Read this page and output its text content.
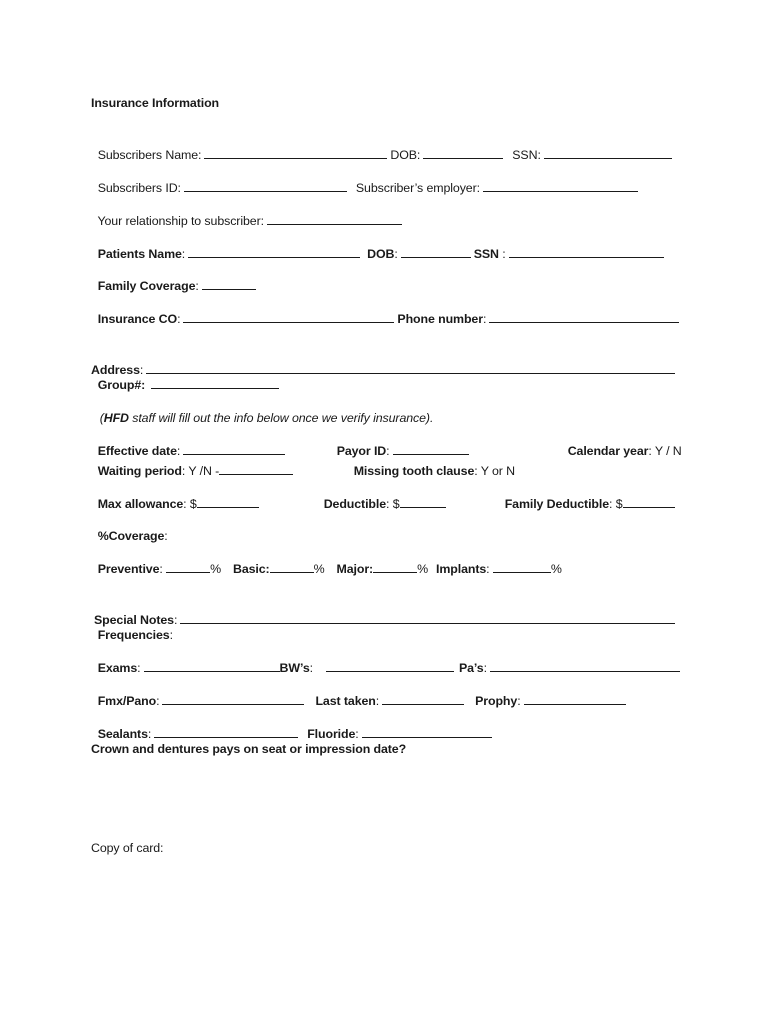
Insurance Information

Subscribers Name:	DOB:	SSN:

Subscribers ID:	Subscriber’s employer:

Your relationship to subscriber:

Patients Name:	DOB:	SSN :

Family Coverage:

Insurance CO:	Phone number:

Address :

Group#:

(HFD staff will fill out the info below once we verify insurance).

Effective date:	Payor ID:	Calendar year: Y / N

Waiting period: Y /N -	Missing tooth clause: Y or N

Max allowance: $	Deductible: $	Family Deductible: $

%Coverage:

Preventive:	% Basic:	% Major:	% Implants:	%

Special Notes :

Frequencies:

Exams:	BW’s:	Pa’s:

Fmx/Pano:	Last taken:	Prophy:

Sealants:	Fluoride:

Crown and dentures pays on seat or impression date?
Copy of card:
